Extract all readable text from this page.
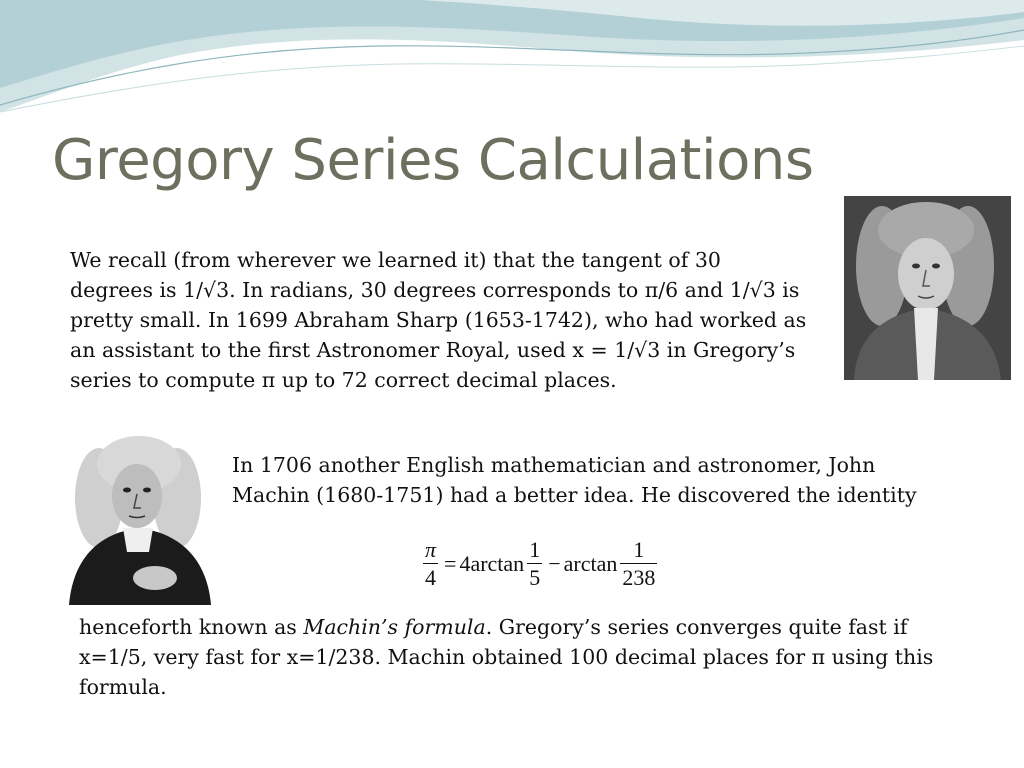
Gregory Series Calculations
We recall (from wherever we learned it) that the tangent of 30
degrees is 1/√3. In radians, 30 degrees corresponds to π/6 and 1/√3 is
pretty small. In 1699 Abraham Sharp (1653-1742), who had worked as
an assistant to the first Astronomer Royal, used x = 1/√3 in Gregory’s
series to compute π up to 72 correct decimal places.
In 1706 another English mathematician and astronomer, John
Machin (1680-1751) had a better idea. He discovered the identity
$\frac{\pi}{4} = 4$ $\arctan \frac{1}{5} - \arctan \frac{1}{238}$
henceforth known as Machin’s formula. Gregory’s series converges quite fast if
x=1/5, very fast for x=1/238. Machin obtained 100 decimal places for π using this
formula.
